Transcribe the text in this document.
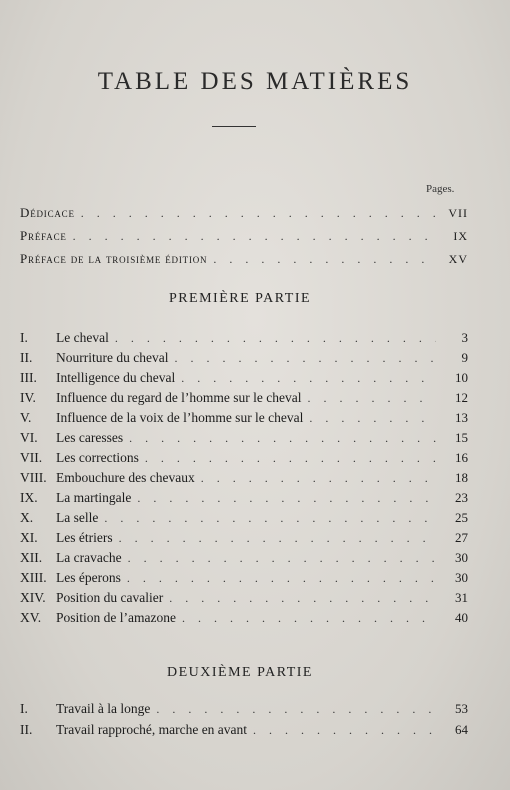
TABLE DES MATIÈRES
Pages.
Dédicace . . .	VII
Préface . . .	IX
Préface de la troisième édition . . .	XV
PREMIÈRE PARTIE
I.	Le cheval . . .	3
II.	Nourriture du cheval . . .	9
III.	Intelligence du cheval . . .	10
IV.	Influence du regard de l’homme sur le cheval . . .	12
V.	Influence de la voix de l’homme sur le cheval . . .	13
VI.	Les caresses . . .	15
VII.	Les corrections . . .	16
VIII. Embouchure des chevaux . . .	18
IX.	La martingale . . .	23
X.	La selle . . .	25
XI.	Les étriers . . .	27
XII.	La cravache . . .	30
XIII. Les éperons . . .	30
XIV. Position du cavalier . . .	31
XV.	Position de l’amazone . . .	40
DEUXIÈME PARTIE
I.	Travail à la longe . . .	53
II.	Travail rapproché, marche en avant . . .	64
